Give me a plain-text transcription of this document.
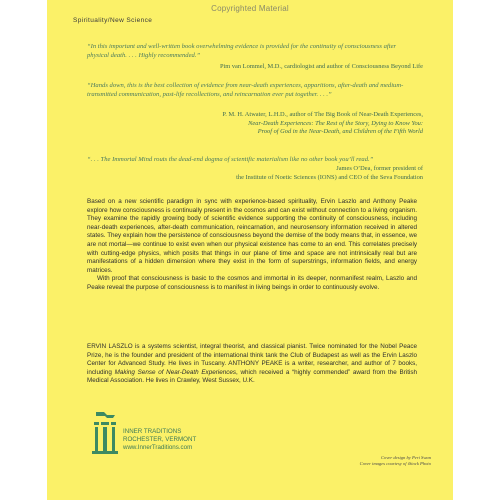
Copyrighted Material
Spirituality/New Science
“In this important and well-written book overwhelming evidence is provided for the continuity of consciousness after physical death. . . . Highly recommended.”
Pim van Lommel, M.D., cardiologist and author of Consciousness Beyond Life
“Hands down, this is the best collection of evidence from near-death experiences, apparitions, after-death and medium-transmitted communication, past-life recollections, and reincarnation ever put together. . . .”
P. M. H. Atwater, L.H.D., author of The Big Book of Near-Death Experiences,
Near-Death Experiences: The Rest of the Story, Dying to Know You:
Proof of God in the Near-Death, and Children of the Fifth World
“. . . The Immortal Mind routs the dead-end dogma of scientific materialism like no other book you’ll read.”
James O’Dea, former president of
the Institute of Noetic Sciences (IONS) and CEO of the Seva Foundation

Based on a new scientific paradigm in sync with experience-based spirituality, Ervin Laszlo and Anthony Peake explore how consciousness is continually present in the cosmos and can exist without connection to a living organism. They examine the rapidly growing body of scientific evidence supporting the continuity of consciousness, including near-death experiences, after-death communication, reincarnation, and neurosensory information received in altered states. They explain how the persistence of consciousness beyond the demise of the body means that, in essence, we are not mortal—we continue to exist even when our physical existence has come to an end. This correlates precisely with cutting-edge physics, which posits that things in our plane of time and space are not intrinsically real but are manifestations of a hidden dimension where they exist in the form of superstrings, information fields, and energy matrices.

With proof that consciousness is basic to the cosmos and immortal in its deeper, nonmanifest realm, Laszlo and Peake reveal the purpose of consciousness is to manifest in living beings in order to continuously evolve.

ERVIN LASZLO is a systems scientist, integral theorist, and classical pianist. Twice nominated for the Nobel Peace Prize, he is the founder and president of the international think tank the Club of Budapest as well as the Ervin Laszlo Center for Advanced Study. He lives in Tuscany. ANTHONY PEAKE is a writer, researcher, and author of 7 books, including Making Sense of Near-Death Experiences, which received a “highly commended” award from the British Medical Association. He lives in Crawley, West Sussex, U.K.
INNER TRADITIONS
ROCHESTER, VERMONT
www.InnerTraditions.com
Cover design by Peri Swan
Cover images courtesy of iStock Photo
